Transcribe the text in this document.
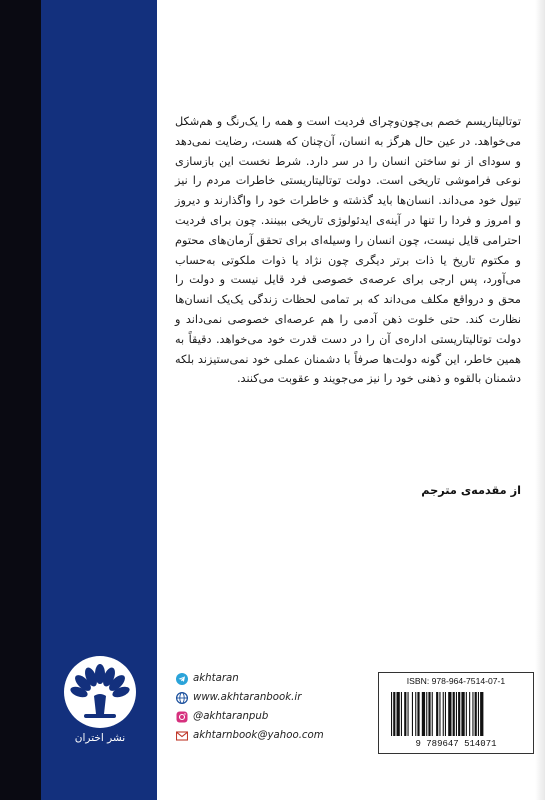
توتالیتاریسم خصم بی‌چون‌وچرای فردیت است و همه را یک‌رنگ و هم‌شکل می‌خواهد. در عین حال هرگز به انسان، آن‌چنان که هست، رضایت نمی‌دهد و سودای از نو ساختن انسان را در سر دارد. شرط نخست این بازسازی نوعی فراموشی تاریخی است. دولت توتالیتاریستی خاطرات مردم را نیز تیول خود می‌داند. انسان‌ها باید گذشته و خاطرات خود را واگذارند و دیروز و امروز و فردا را تنها در آینه‌ی ایدئولوژی تاریخی ببینند. چون برای فردیت احترامی قایل نیست، چون انسان را وسیله‌ای برای تحقق آرمان‌های محتوم و مکتوم تاریخ یا ذات برتر دیگری چون نژاد یا ذوات ملکوتی به‌حساب می‌آورد، پس ارجی برای عرصه‌ی خصوصی فرد قایل نیست و دولت را محق و درواقع مکلف می‌داند که بر تمامی لحظات زندگی یک‌یک انسان‌ها نظارت کند. حتی خلوت ذهن آدمی را هم عرصه‌ای خصوصی نمی‌داند و دولت توتالیتاریستی اداره‌ی آن را در دست قدرت خود می‌خواهد. دقیقاً به همین خاطر، این گونه دولت‌ها صرفاً با دشمنان عملی خود نمی‌ستیزند بلکه دشمنان بالقوه و ذهنی خود را نیز می‌جویند و عقوبت می‌کنند.

از مقدمه‌ی مترجم
نشر اختران
akhtaran
www.akhtaranbook.ir
@akhtaranpub
akhtarnbook@yahoo.com
ISBN: 978-964-7514-07-1
9 789647 514071
